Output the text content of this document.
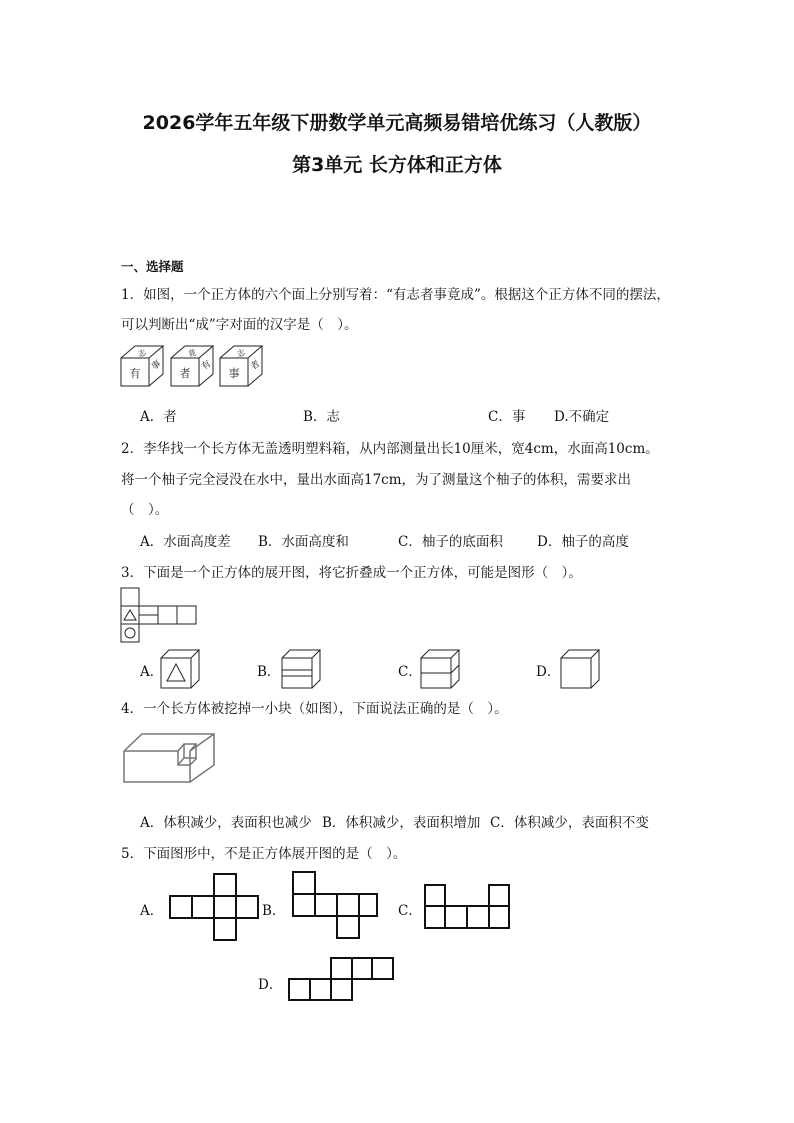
2026学年五年级下册数学单元高频易错培优练习（人教版）
第3单元 长方体和正方体
一、选择题
1．如图，一个正方体的六个面上分别写着：“有志者事竟成”。根据这个正方体不同的摆法，
可以判断出“成”字对面的汉字是（　）。
有
志
事
者
竟
有
事
志
者
A．者	B．志	C．事 D.不确定
2．李华找一个长方体无盖透明塑料箱，从内部测量出长10厘米，宽4cm，水面高10cm。
将一个柚子完全浸没在水中，量出水面高17cm，为了测量这个柚子的体积，需要求出
（　）。
A．水面高度差 B．水面高度和	C．柚子的底面积	D．柚子的高度
3．下面是一个正方体的展开图，将它折叠成一个正方体，可能是图形（　）。
A．	B．	C．	D．
4．一个长方体被挖掉一小块（如图），下面说法正确的是（　）。
A．体积减少，表面积也减少 B．体积减少，表面积增加 C．体积减少，表面积不变
5．下面图形中，不是正方体展开图的是（　）。
A．	B．	C．
D．
